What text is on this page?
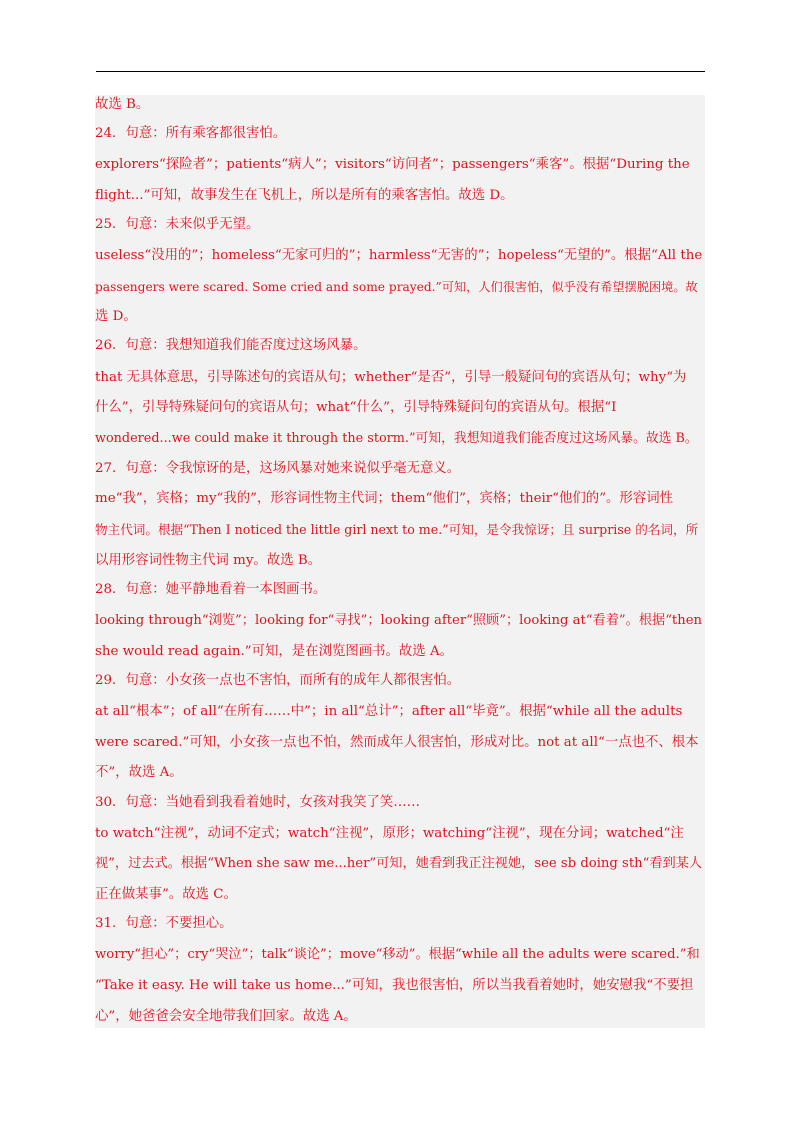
故选 B。
24．句意：所有乘客都很害怕。
explorers“探险者”；patients“病人”；visitors“访问者”；passengers“乘客”。根据“During the
flight...”可知，故事发生在飞机上，所以是所有的乘客害怕。故选 D。
25．句意：未来似乎无望。
useless“没用的”；homeless“无家可归的”；harmless“无害的”；hopeless“无望的”。根据“All the
passengers were scared. Some cried and some prayed.”可知，人们很害怕，似乎没有希望摆脱困境。故
选 D。
26．句意：我想知道我们能否度过这场风暴。
that 无具体意思，引导陈述句的宾语从句；whether“是否”，引导一般疑问句的宾语从句；why“为
什么”，引导特殊疑问句的宾语从句；what“什么”，引导特殊疑问句的宾语从句。根据“I
wondered...we could make it through the storm.”可知，我想知道我们能否度过这场风暴。故选 B。
27．句意：令我惊讶的是，这场风暴对她来说似乎毫无意义。
me“我”，宾格；my“我的”，形容词性物主代词；them“他们”，宾格；their“他们的”。形容词性
物主代词。根据“Then I noticed the little girl next to me.”可知，是令我惊讶；且 surprise 的名词，所
以用形容词性物主代词 my。故选 B。
28．句意：她平静地看着一本图画书。
looking through“浏览”；looking for“寻找”；looking after“照顾”；looking at“看着”。根据“then
she would read again.”可知，是在浏览图画书。故选 A。
29．句意：小女孩一点也不害怕，而所有的成年人都很害怕。
at all“根本”；of all“在所有……中”；in all“总计”；after all“毕竟”。根据“while all the adults
were scared.”可知，小女孩一点也不怕，然而成年人很害怕，形成对比。not at all“一点也不、根本
不”，故选 A。
30．句意：当她看到我看着她时，女孩对我笑了笑……
to watch“注视”，动词不定式；watch“注视”，原形；watching“注视”，现在分词；watched“注
视”，过去式。根据“When she saw me...her”可知，她看到我正注视她，see sb doing sth“看到某人
正在做某事”。故选 C。
31．句意：不要担心。
worry“担心”；cry“哭泣”；talk“谈论”；move“移动”。根据“while all the adults were scared.”和
“Take it easy. He will take us home...”可知，我也很害怕，所以当我看着她时，她安慰我“不要担
心”，她爸爸会安全地带我们回家。故选 A。
